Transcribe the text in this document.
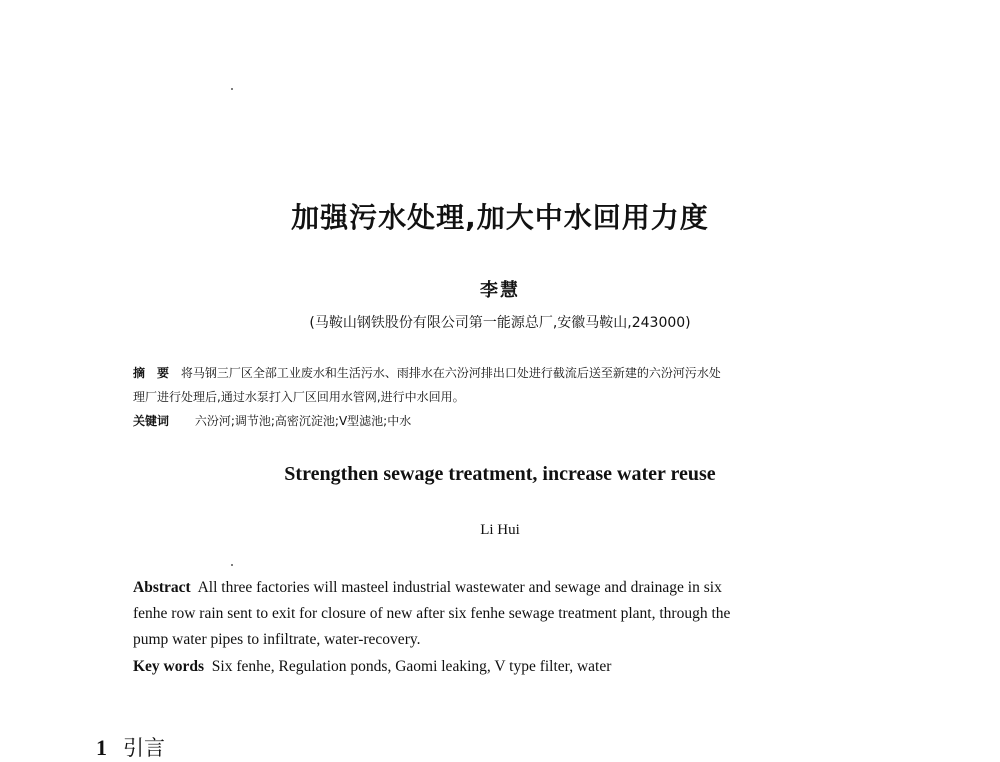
加强污水处理,加大中水回用力度
李慧
(马鞍山钢铁股份有限公司第一能源总厂,安徽马鞍山,243000)
摘　要 将马钢三厂区全部工业废水和生活污水、雨排水在六汾河排出口处进行截流后送至新建的六汾河污水处
理厂进行处理后,通过水泵打入厂区回用水管网,进行中水回用。
关键词 六汾河;调节池;高密沉淀池;V型滤池;中水
Strengthen sewage treatment, increase water reuse
Li Hui
Abstract All three factories will masteel industrial wastewater and sewage and drainage in six
fenhe row rain sent to exit for closure of new after six fenhe sewage treatment plant, through the
pump water pipes to infiltrate, water-recovery.
Key words Six fenhe, Regulation ponds, Gaomi leaking, V type filter, water
1 引言
